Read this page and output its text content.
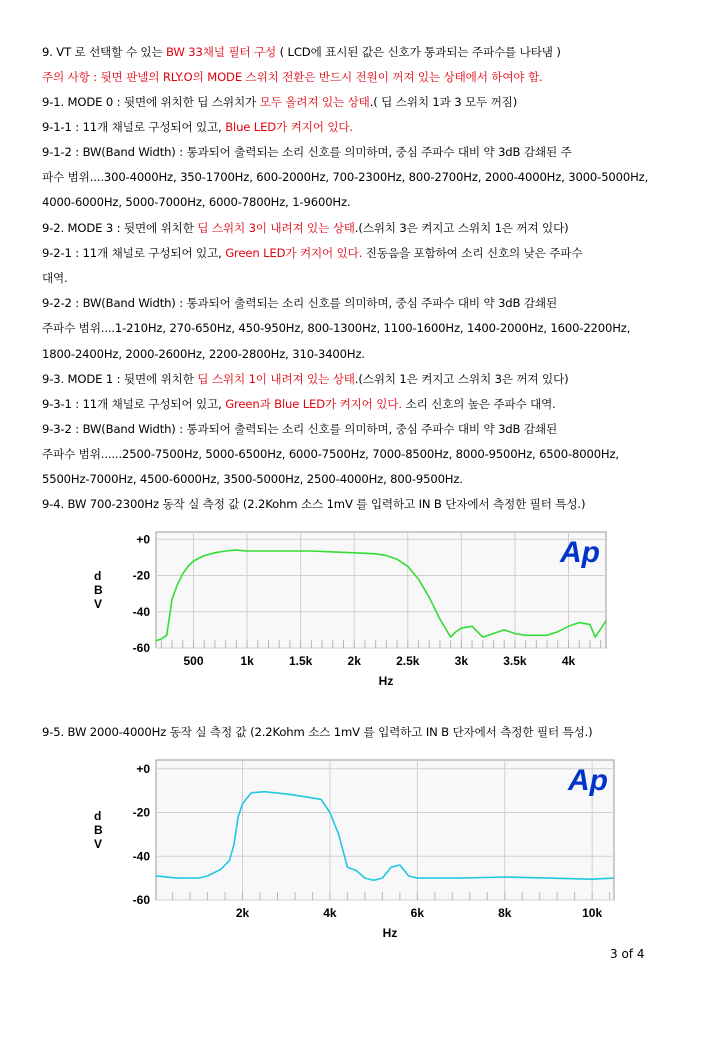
9. VT 로 선택할 수 있는 BW 33채널 필터 구성 ( LCD에 표시된 값은 신호가 통과되는 주파수를 나타냄 )
주의 사항 : 뒷면 판넬의 RLY.O의 MODE 스위치 전환은 반드시 전원이 꺼져 있는 상태에서 하여야 함.
9-1. MODE 0 : 뒷면에 위치한 딥 스위치가 모두 올려져 있는 상태.( 딥 스위치 1과 3 모두 꺼짐)
9-1-1 : 11개 채널로 구성되어 있고, Blue LED가 켜지어 있다.
9-1-2 : BW(Band Width) : 통과되어 출력되는 소리 신호를 의미하며, 중심 주파수 대비 약 3dB 감쇄된 주
파수 범위....300-4000Hz, 350-1700Hz, 600-2000Hz, 700-2300Hz, 800-2700Hz, 2000-4000Hz, 3000-5000Hz,
4000-6000Hz, 5000-7000Hz, 6000-7800Hz, 1-9600Hz.
9-2. MODE 3 : 뒷면에 위치한 딥 스위치 3이 내려져 있는 상태.(스위치 3은 켜지고 스위치 1은 꺼져 있다)
9-2-1 : 11개 채널로 구성되어 있고, Green LED가 켜지어 있다. 진동음을 포함하여 소리 신호의 낮은 주파수
대역.
9-2-2 : BW(Band Width) : 통과되어 출력되는 소리 신호를 의미하며, 중심 주파수 대비 약 3dB 감쇄된
주파수 범위....1-210Hz, 270-650Hz, 450-950Hz, 800-1300Hz, 1100-1600Hz, 1400-2000Hz, 1600-2200Hz,
1800-2400Hz, 2000-2600Hz, 2200-2800Hz, 310-3400Hz.
9-3. MODE 1 : 뒷면에 위치한 딥 스위치 1이 내려져 있는 상태.(스위치 1은 켜지고 스위치 3은 꺼져 있다)
9-3-1 : 11개 채널로 구성되어 있고, Green과 Blue LED가 켜지어 있다. 소리 신호의 높은 주파수 대역.
9-3-2 : BW(Band Width) : 통과되어 출력되는 소리 신호를 의미하며, 중심 주파수 대비 약 3dB 감쇄된
주파수 범위......2500-7500Hz, 5000-6500Hz, 6000-7500Hz, 7000-8500Hz, 8000-9500Hz, 6500-8000Hz,
5500Hz-7000Hz, 4500-6000Hz, 3500-5000Hz, 2500-4000Hz, 800-9500Hz.
9-4. BW 700-2300Hz 동작 실 측정 값 (2.2Kohm 소스 1mV 를 입력하고 IN B 단자에서 측정한 필터 특성.)
9-5. BW 2000-4000Hz 동작 실 측정 값 (2.2Kohm 소스 1mV 를 입력하고 IN B 단자에서 측정한 필터 특성.)
+0
-20
-40
-60
500	1k	1.5k	2k	2.5k	3k	3.5k	4k
Hz
d B V
Ap
+0
-20
-40
-60
2k	4k	6k	8k	10k
Hz
d B V
Ap
3 of 4
